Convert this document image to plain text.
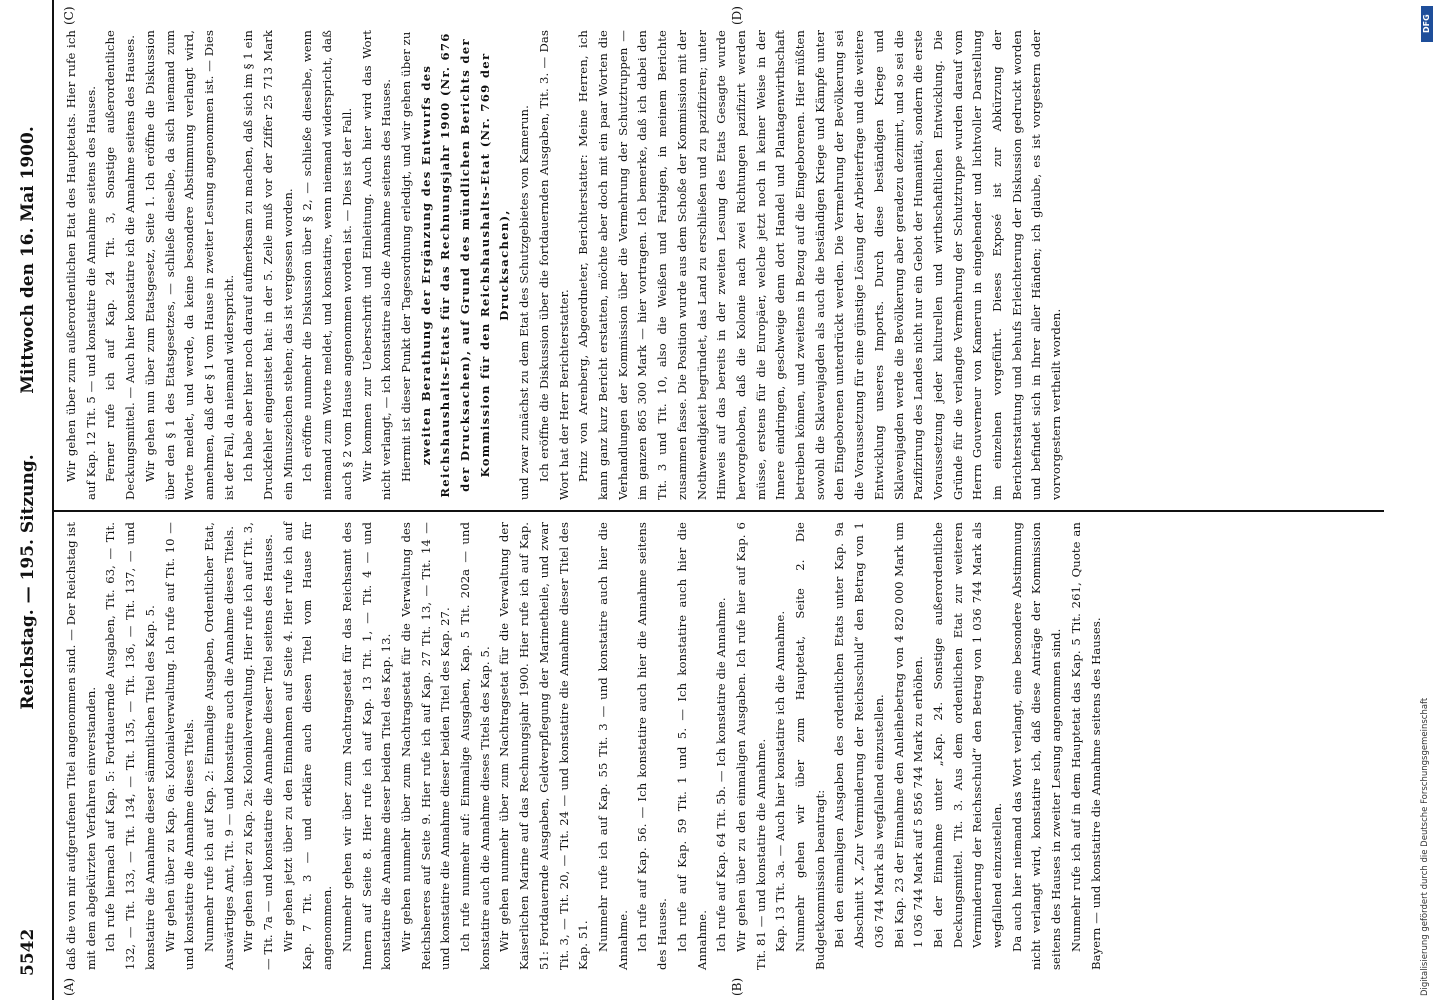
5542
Reichstag. — 195. Sitzung.
Mittwoch den 16. Mai 1900.
(A)	(B)
(C)	(D)

daß die von mir aufgerufenen Titel angenommen sind. — Der Reichstag ist mit dem abgekürzten Verfahren einverstanden. Ich rufe hiernach auf Kap. 5: Fortdauernde Ausgaben, Tit. 63, — Tit. 132, — Tit. 133, — Tit. 134, — Tit. 135, — Tit. 136, — Tit. 137, — und konstatire die Annahme dieser sämmtlichen Titel des Kap. 5. Wir gehen über zu Kap. 6a: Kolonialverwaltung. Ich rufe auf Tit. 10 — und konstatire die Annahme dieses Titels. Nunmehr rufe ich auf Kap. 2: Einmalige Ausgaben, Ordentlicher Etat, Auswärtiges Amt, Tit. 9 — und konstatire auch die Annahme dieses Titels. Wir gehen über zu Kap. 2a: Kolonialverwaltung. Hier rufe ich auf Tit. 3, — Tit. 7a — und konstatire die Annahme dieser Titel seitens des Hauses. Wir gehen jetzt über zu den Einnahmen auf Seite 4. Hier rufe ich auf Kap. 7 Tit. 3 — und erkläre auch diesen Titel vom Hause für angenommen. Nunmehr gehen wir über zum Nachtragsetat für das Reichsamt des Innern auf Seite 8. Hier rufe ich auf Kap. 13 Tit. 1, — Tit. 4 — und konstatire die Annahme dieser beiden Titel des Kap. 13. Wir gehen nunmehr über zum Nachtragsetat für die Verwaltung des Reichsheeres auf Seite 9. Hier rufe ich auf Kap. 27 Tit. 13, — Tit. 14 — und konstatire die Annahme dieser beiden Titel des Kap. 27. Ich rufe nunmehr auf: Einmalige Ausgaben, Kap. 5 Tit. 202a — und konstatire auch die Annahme dieses Titels des Kap. 5. Wir gehen nunmehr über zum Nachtragsetat für die Verwaltung der Kaiserlichen Marine auf das Rechnungsjahr 1900. Hier rufe ich auf Kap. 51: Fortdauernde Ausgaben, Geldverpflegung der Marinetheile, und zwar Tit. 3, — Tit. 20, — Tit. 24 — und konstatire die Annahme dieser Titel des Kap. 51. Nunmehr rufe ich auf Kap. 55 Tit. 3 — und konstatire auch hier die Annahme. Ich rufe auf Kap. 56. — Ich konstatire auch hier die Annahme seitens des Hauses. Ich rufe auf Kap. 59 Tit. 1 und 5. — Ich konstatire auch hier die Annahme. Ich rufe auf Kap. 64 Tit. 5b. — Ich konstatire die Annahme. Wir gehen über zu den einmaligen Ausgaben. Ich rufe hier auf Kap. 6 Tit. 81 — und konstatire die Annahme. Kap. 13 Tit. 3a. — Auch hier konstatire ich die Annahme. Nunmehr gehen wir über zum Hauptetat, Seite 2. Die Budgetkommission beantragt: Bei den einmaligen Ausgaben des ordentlichen Etats unter Kap. 9a Abschnitt X „Zur Verminderung der Reichsschuld“ den Betrag von 1 036 744 Mark als wegfallend einzustellen. Bei Kap. 23 der Einnahme den Anleihebetrag von 4 820 000 Mark um 1 036 744 Mark auf 5 856 744 Mark zu erhöhen. Bei der Einnahme unter „Kap. 24. Sonstige außerordentliche Deckungsmittel. Tit. 3. Aus dem ordentlichen Etat zur weiteren Verminderung der Reichsschuld“ den Betrag von 1 036 744 Mark als wegfallend einzustellen. Da auch hier niemand das Wort verlangt, eine besondere Abstimmung nicht verlangt wird, konstatire ich, daß diese Anträge der Kommission seitens des Hauses in zweiter Lesung angenommen sind. Nunmehr rufe ich auf in dem Hauptetat das Kap. 5 Tit. 261, Quote an Bayern — und konstatire die Annahme seitens des Hauses.

Wir gehen über zum außerordentlichen Etat des Hauptetats. Hier rufe ich auf Kap. 12 Tit. 5 — und konstatire die Annahme seitens des Hauses. Ferner rufe ich auf Kap. 24 Tit. 3, Sonstige außerordentliche Deckungsmittel. — Auch hier konstatire ich die Annahme seitens des Hauses. Wir gehen nun über zum Etatsgesetz, Seite 1. Ich eröffne die Diskussion über den § 1 des Etatsgesetzes, — schließe dieselbe, da sich niemand zum Worte meldet, und werde, da keine besondere Abstimmung verlangt wird, annehmen, daß der § 1 vom Hause in zweiter Lesung angenommen ist. — Dies ist der Fall, da niemand widerspricht. Ich habe aber hier noch darauf aufmerksam zu machen, daß sich im § 1 ein Druckfehler eingenistet hat: in der 5. Zeile muß vor der Ziffer 25 713 Mark ein Minuszeichen stehen; das ist vergessen worden. Ich eröffne nunmehr die Diskussion über § 2, — schließe dieselbe, wenn niemand zum Worte meldet, und konstatire, wenn niemand widerspricht, daß auch § 2 vom Hause angenommen worden ist. — Dies ist der Fall. Wir kommen zur Ueberschrift und Einleitung. Auch hier wird das Wort nicht verlangt, — ich konstatire also die Annahme seitens des Hauses. Hiermit ist dieser Punkt der Tagesordnung erledigt, und wir gehen über zu zweiten Berathung der Ergänzung des Entwurfs des Reichshaushalts-Etats für das Rechnungsjahr 1900 (Nr. 676 der Drucksachen), auf Grund des mündlichen Berichts der Kommission für den Reichshaushalts-Etat (Nr. 769 der Drucksachen), und zwar zunächst zu dem Etat des Schutzgebietes von Kamerun. Ich eröffne die Diskussion über die fortdauernden Ausgaben, Tit. 3. — Das Wort hat der Herr Berichterstatter. Prinz von Arenberg, Abgeordneter, Berichterstatter: Meine Herren, ich kann ganz kurz Bericht erstatten, möchte aber doch mit ein paar Worten die Verhandlungen der Kommission über die Vermehrung der Schutztruppen — im ganzen 865 300 Mark — hier vortragen. Ich bemerke, daß ich dabei den Tit. 3 und Tit. 10, also die Weißen und Farbigen, in meinem Berichte zusammen fasse. Die Position wurde aus dem Schoße der Kommission mit der Nothwendigkeit begründet, das Land zu erschließen und zu pazifiziren; unter Hinweis auf das bereits in der zweiten Lesung des Etats Gesagte wurde hervorgehoben, daß die Kolonie nach zwei Richtungen pazifizirt werden müsse, erstens für die Europäer, welche jetzt noch in keiner Weise in der Innere eindringen, geschweige denn dort Handel und Plantagenwirthschaft betreiben können, und zweitens in Bezug auf die Eingeborenen. Hier müßten sowohl die Sklavenjagden als auch die beständigen Kriege und Kämpfe unter den Eingeborenen unterdrückt werden. Die Vermehrung der Bevölkerung sei die Voraussetzung für eine günstige Lösung der Arbeiterfrage und die weitere Entwicklung unseres Imports. Durch diese beständigen Kriege und Sklavenjagden werde die Bevölkerung aber geradezu dezimirt, und so sei die Pazifizirung des Landes nicht nur ein Gebot der Humanität, sondern die erste Voraussetzung jeder kulturellen und wirthschaftlichen Entwicklung. Die Gründe für die verlangte Vermehrung der Schutztruppe wurden darauf vom Herrn Gouverneur von Kamerun in eingehender und lichtvoller Darstellung im einzelnen vorgeführt. Dieses Exposé ist zur Abkürzung der Berichterstattung und behufs Erleichterung der Diskussion gedruckt worden und befindet sich in Ihrer aller Händen; ich glaube, es ist vorgestern oder vorvorgestern vertheilt worden.

DFG
Digitalisierung gefördert durch die Deutsche Forschungsgemeinschaft
